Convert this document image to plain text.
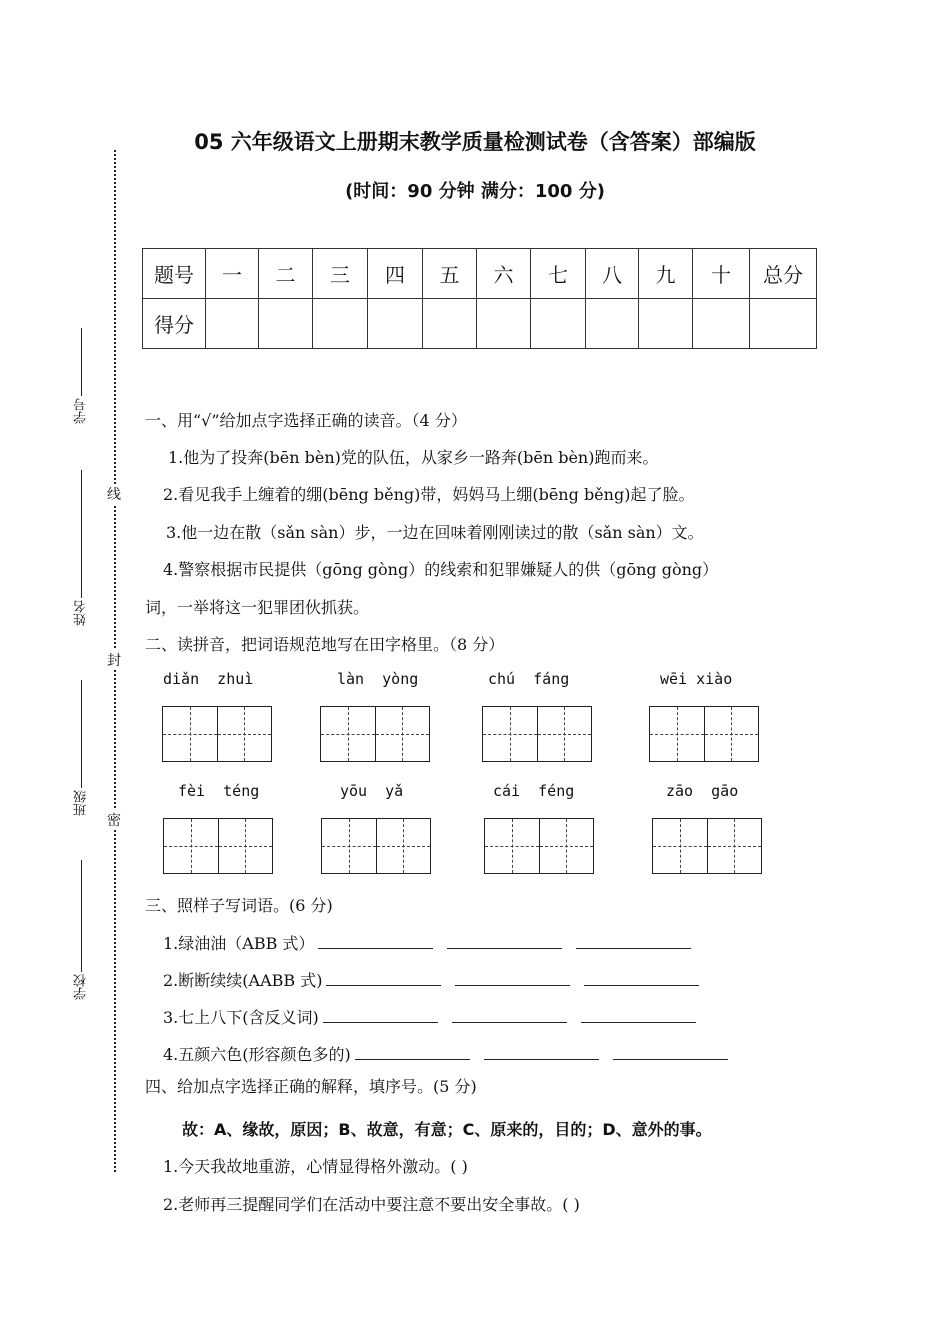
05 六年级语文上册期末教学质量检测试卷（含答案）部编版
(时间：90 分钟 满分：100 分)
线
封
密
学号
姓名
班级
学校
题号	一	二	三	四	五	六	七	八	九	十	总分
得分											
一、用“√”给加点字选择正确的读音。（4 分）
1.他为了投奔(bēn bèn)党的队伍，从家乡一路奔(bēn bèn)跑而来。
2.看见我手上缠着的绷(bēng běng)带，妈妈马上绷(bēng běng)起了脸。
3.他一边在散（sǎn sàn）步，一边在回味着刚刚读过的散（sǎn sàn）文。
4.警察根据市民提供（gōng gòng）的线索和犯罪嫌疑人的供（gōng gòng）
词，一举将这一犯罪团伙抓获。
二、读拼音，把词语规范地写在田字格里。（8 分）
diǎn  zhuì	làn  yòng	chú  fáng	wēi xiào
fèi  téng	yōu  yǎ	cái  féng	zāo  gāo
三、照样子写词语。(6 分)
1.绿油油（ABB 式）
2.断断续续(AABB 式)
3.七上八下(含反义词)
4.五颜六色(形容颜色多的)
四、给加点字选择正确的解释，填序号。(5 分)
故：A、缘故，原因；B、故意，有意；C、原来的，目的；D、意外的事。
1.今天我故地重游，心情显得格外激动。( )
2.老师再三提醒同学们在活动中要注意不要出安全事故。( )
